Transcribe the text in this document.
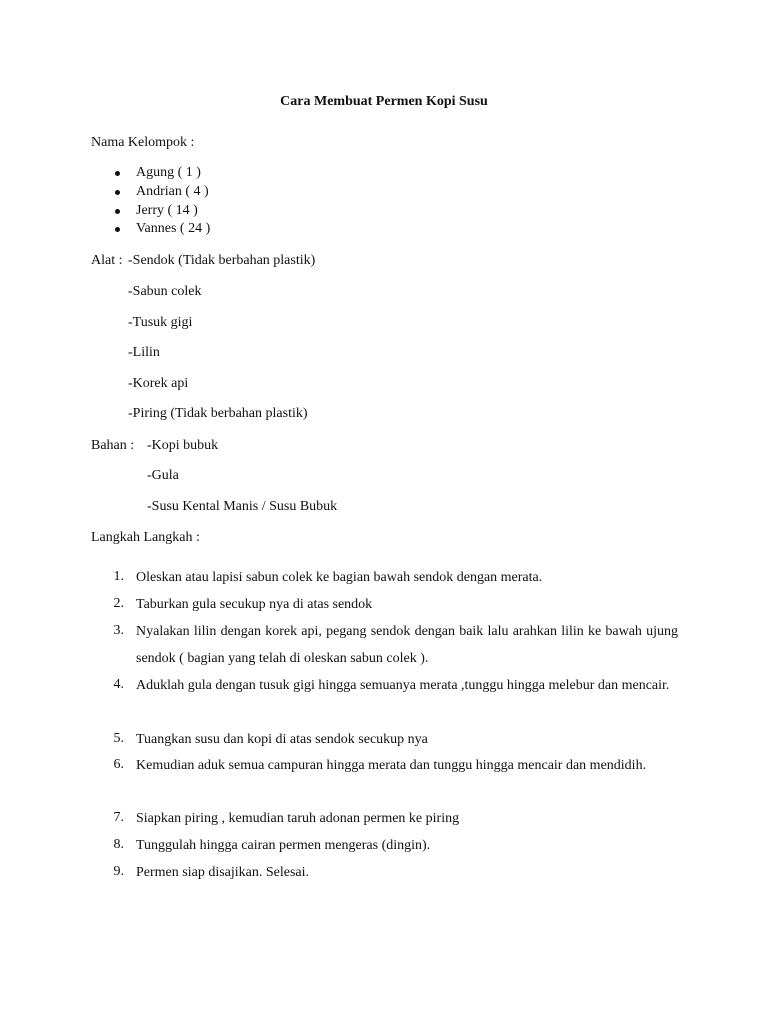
Cara Membuat Permen Kopi Susu
Nama Kelompok :
Agung ( 1 )
Andrian ( 4 )
Jerry ( 14 )
Vannes ( 24 )
Alat : -Sendok (Tidak berbahan plastik)
-Sabun colek
-Tusuk gigi
-Lilin
-Korek api
-Piring (Tidak berbahan plastik)
Bahan : -Kopi bubuk
-Gula
-Susu Kental Manis / Susu Bubuk
Langkah Langkah :
1. Oleskan atau lapisi sabun colek ke bagian bawah sendok dengan merata.
2. Taburkan gula secukup nya di atas sendok
3. Nyalakan lilin dengan korek api, pegang sendok dengan baik lalu arahkan lilin ke bawah ujung sendok ( bagian yang telah di oleskan sabun colek ).
4. Aduklah gula dengan tusuk gigi hingga semuanya merata ,tunggu hingga melebur dan mencair.
5. Tuangkan susu dan kopi di atas sendok secukup nya
6. Kemudian aduk semua campuran hingga merata dan tunggu hingga mencair dan mendidih.
7. Siapkan piring , kemudian taruh adonan permen ke piring
8. Tunggulah hingga cairan permen mengeras (dingin).
9. Permen siap disajikan. Selesai.
